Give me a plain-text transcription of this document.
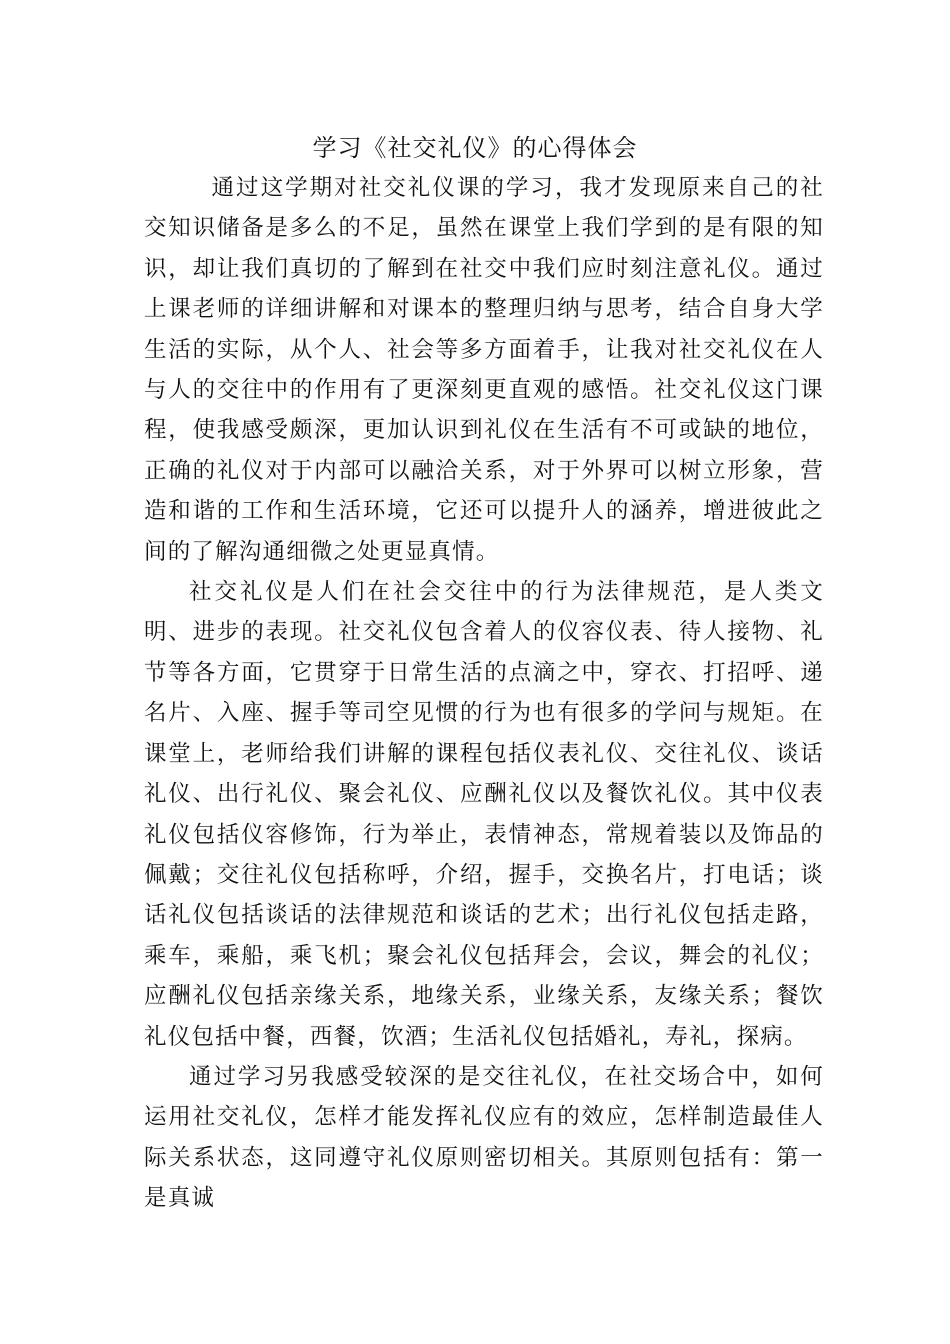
学习《社交礼仪》的心得体会

通过这学期对社交礼仪课的学习，我才发现原来自己的社交知识储备是多么的不足，虽然在课堂上我们学到的是有限的知识，却让我们真切的了解到在社交中我们应时刻注意礼仪。通过上课老师的详细讲解和对课本的整理归纳与思考，结合自身大学生活的实际，从个人、社会等多方面着手，让我对社交礼仪在人与人的交往中的作用有了更深刻更直观的感悟。社交礼仪这门课程，使我感受颇深，更加认识到礼仪在生活有不可或缺的地位，正确的礼仪对于内部可以融洽关系，对于外界可以树立形象，营造和谐的工作和生活环境，它还可以提升人的涵养，增进彼此之间的了解沟通细微之处更显真情。

社交礼仪是人们在社会交往中的行为法律规范，是人类文明、进步的表现。社交礼仪包含着人的仪容仪表、待人接物、礼节等各方面，它贯穿于日常生活的点滴之中，穿衣、打招呼、递名片、入座、握手等司空见惯的行为也有很多的学问与规矩。在课堂上，老师给我们讲解的课程包括仪表礼仪、交往礼仪、谈话礼仪、出行礼仪、聚会礼仪、应酬礼仪以及餐饮礼仪。其中仪表礼仪包括仪容修饰，行为举止，表情神态，常规着装以及饰品的佩戴；交往礼仪包括称呼，介绍，握手，交换名片，打电话；谈话礼仪包括谈话的法律规范和谈话的艺术；出行礼仪包括走路，乘车，乘船，乘飞机；聚会礼仪包括拜会，会议，舞会的礼仪；应酬礼仪包括亲缘关系，地缘关系，业缘关系，友缘关系；餐饮礼仪包括中餐，西餐，饮酒；生活礼仪包括婚礼，寿礼，探病。

通过学习另我感受较深的是交往礼仪，在社交场合中，如何运用社交礼仪，怎样才能发挥礼仪应有的效应，怎样制造最佳人际关系状态，这同遵守礼仪原则密切相关。其原则包括有：第一是真诚
